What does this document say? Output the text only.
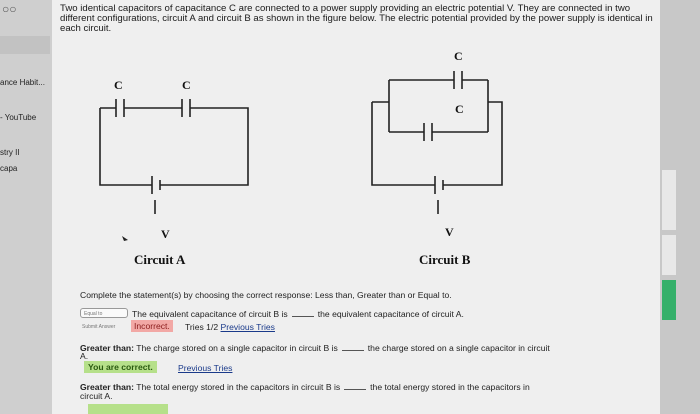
○○
ance Habit...
- YouTube
stry II
capa
Two identical capacitors of capacitance C are connected to a power supply providing an electric potential V. They are connected in two different configurations, circuit A and circuit B as shown in the figure below. The electric potential provided by the power supply is identical in each circuit.
C	C
V
Circuit A
C
C
V
Circuit B
Complete the statement(s) by choosing the correct response: Less than, Greater than or Equal to.
Equal to	The equivalent capacitance of circuit B is	the equivalent capacitance of circuit A.
Submit Answer	Incorrect.	Tries 1/2 Previous Tries
Greater than: The charge stored on a single capacitor in circuit B is	the charge stored on a single capacitor in circuit
A.
You are correct.	Previous Tries
Greater than: The total energy stored in the capacitors in circuit B is	the total energy stored in the capacitors in
circuit A.
